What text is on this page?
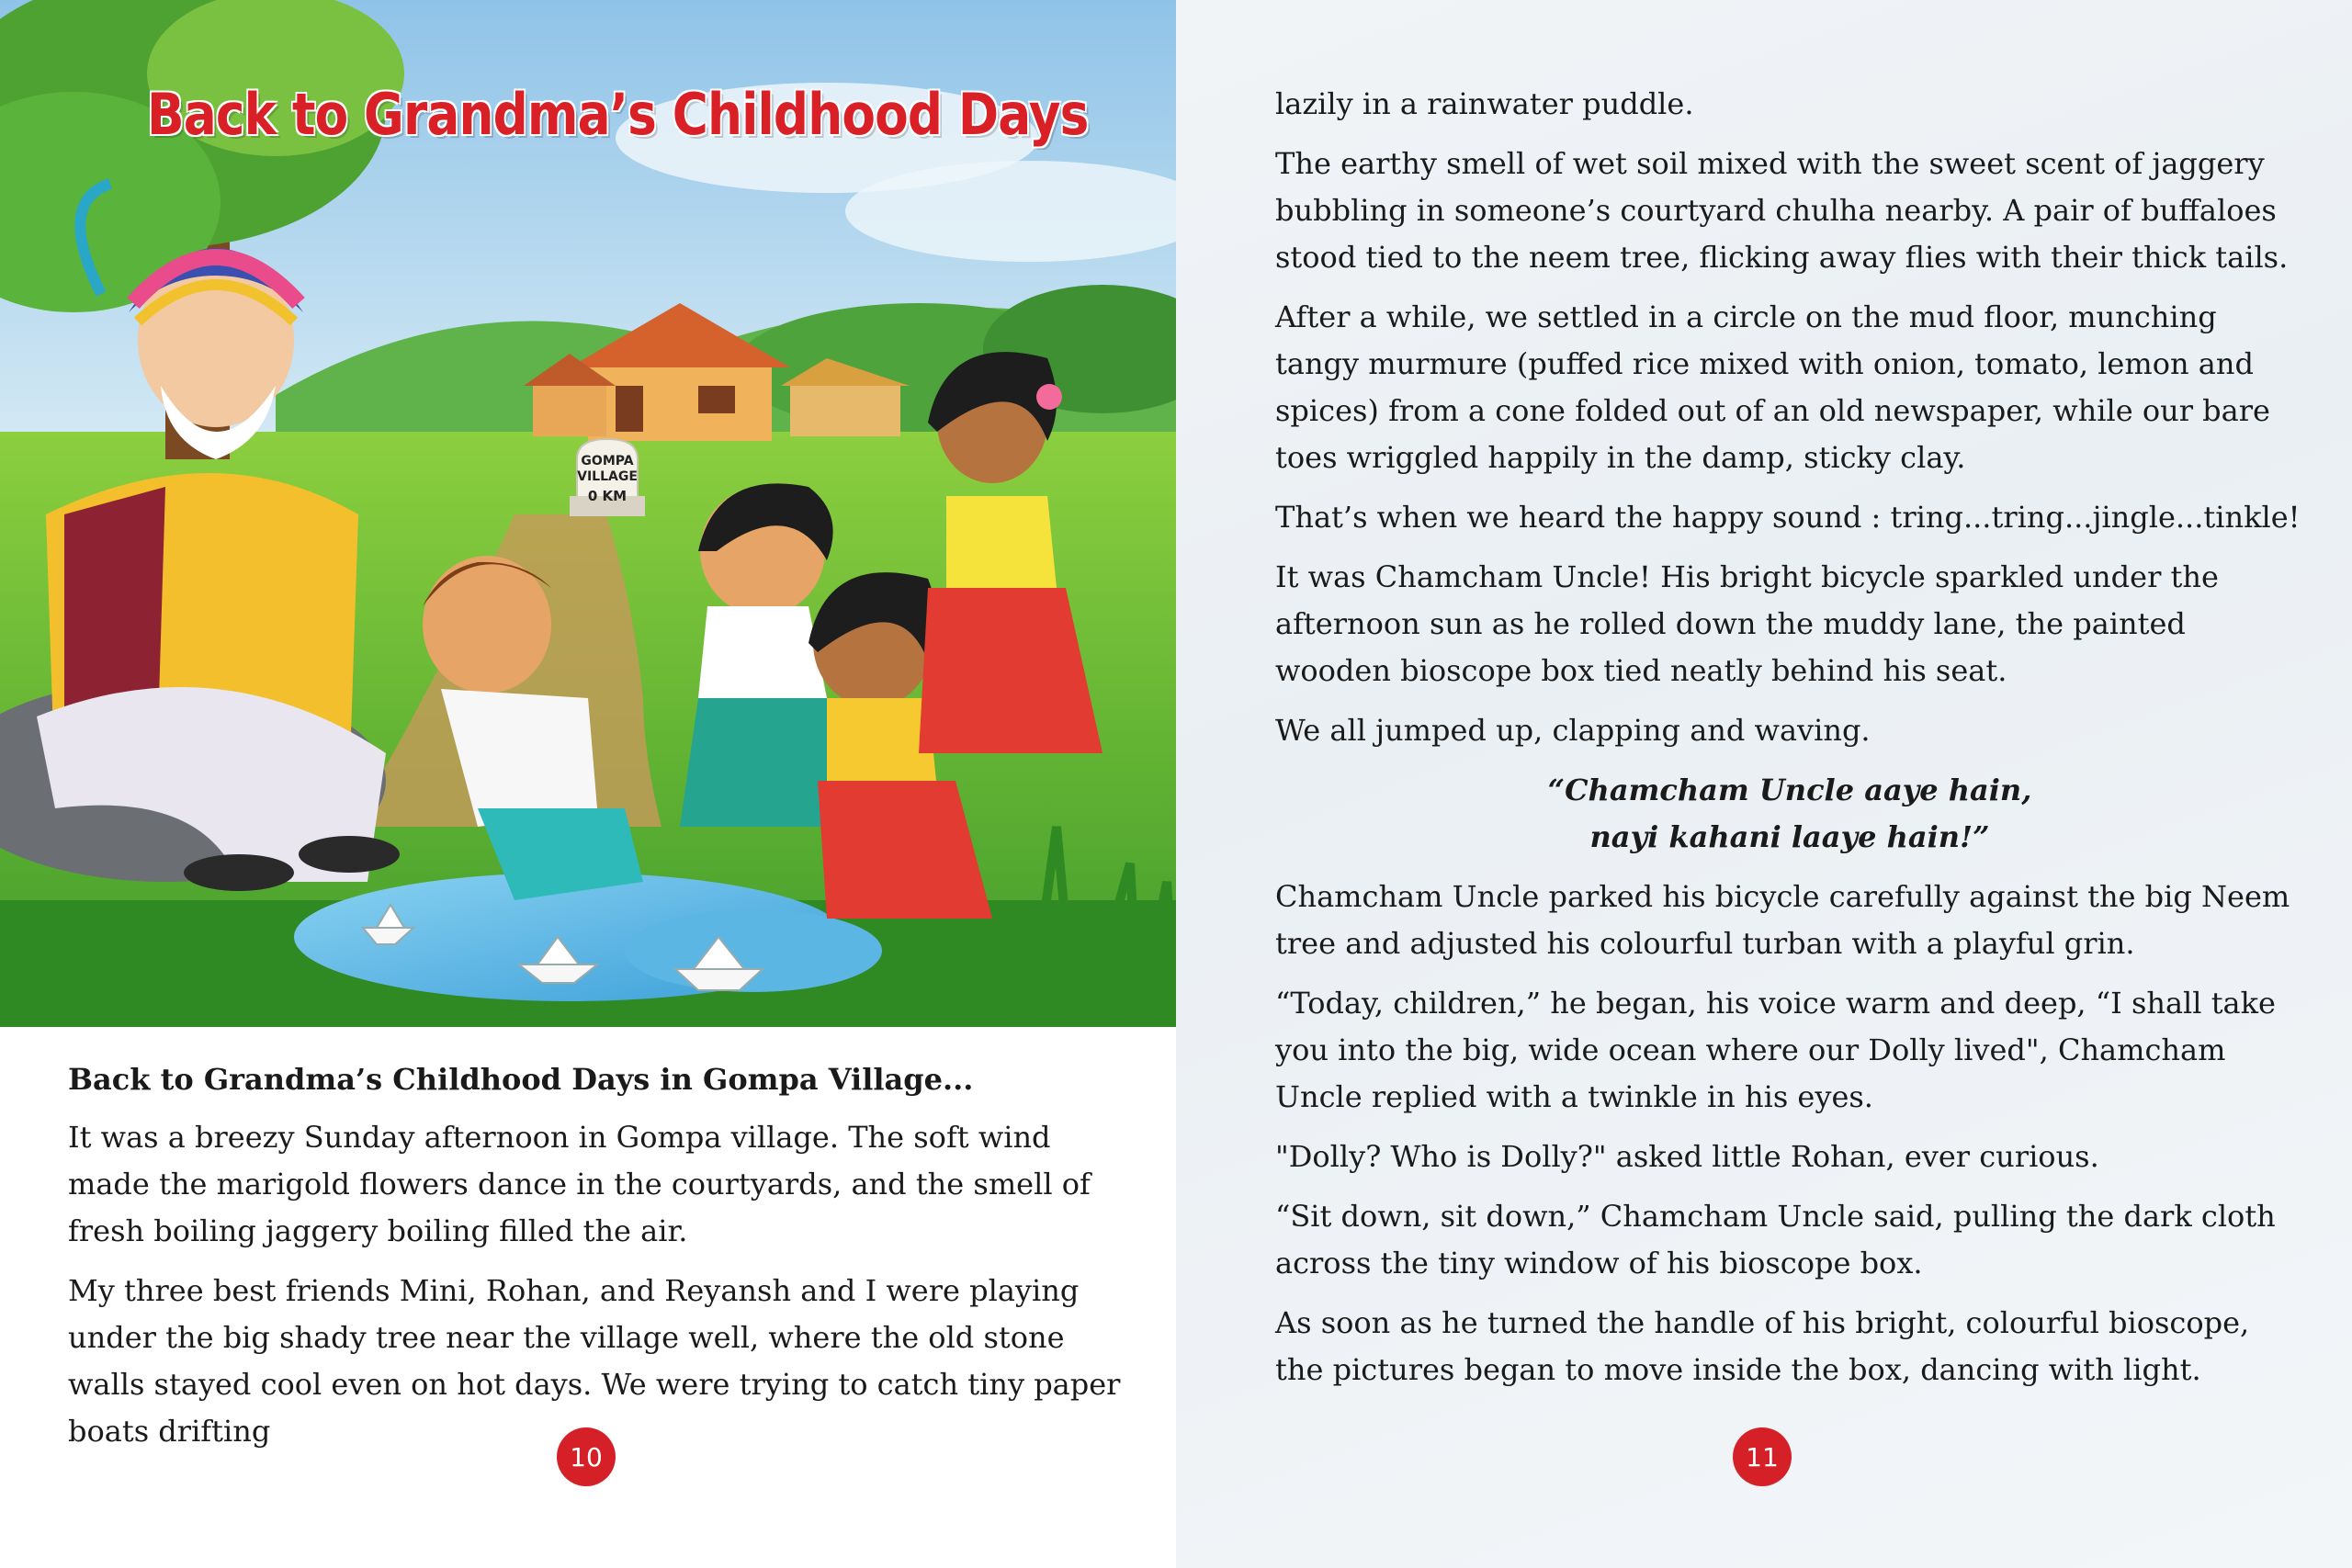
Back to Grandma’s Childhood Days
GOMPA
VILLAGE

0 KM

Back to Grandma’s Childhood Days in Gompa Village...

It was a breezy Sunday afternoon in Gompa village. The soft wind made the marigold flowers dance in the courtyards, and the smell of fresh boiling jaggery boiling filled the air.

My three best friends Mini, Rohan, and Reyansh and I were playing under the big shady tree near the village well, where the old stone walls stayed cool even on hot days. We were trying to catch tiny paper boats drifting

10

lazily in a rainwater puddle.

The earthy smell of wet soil mixed with the sweet scent of jaggery bubbling in someone’s courtyard chulha nearby. A pair of buffaloes stood tied to the neem tree, flicking away flies with their thick tails.

After a while, we settled in a circle on the mud floor, munching tangy murmure (puffed rice mixed with onion, tomato, lemon and spices) from a cone folded out of an old newspaper, while our bare toes wriggled happily in the damp, sticky clay.

That’s when we heard the happy sound : tring...tring...jingle...tinkle!

It was Chamcham Uncle! His bright bicycle sparkled under the afternoon sun as he rolled down the muddy lane, the painted wooden bioscope box tied neatly behind his seat.

We all jumped up, clapping and waving.

“Chamcham Uncle aaye hain,
nayi kahani laaye hain!”

Chamcham Uncle parked his bicycle carefully against the big Neem tree and adjusted his colourful turban with a playful grin.

“Today, children,” he began, his voice warm and deep, “I shall take you into the big, wide ocean where our Dolly lived", Chamcham Uncle replied with a twinkle in his eyes.

"Dolly? Who is Dolly?" asked little Rohan, ever curious.

“Sit down, sit down,” Chamcham Uncle said, pulling the dark cloth across the tiny window of his bioscope box.

As soon as he turned the handle of his bright, colourful bioscope, the pictures began to move inside the box, dancing with light.

11
